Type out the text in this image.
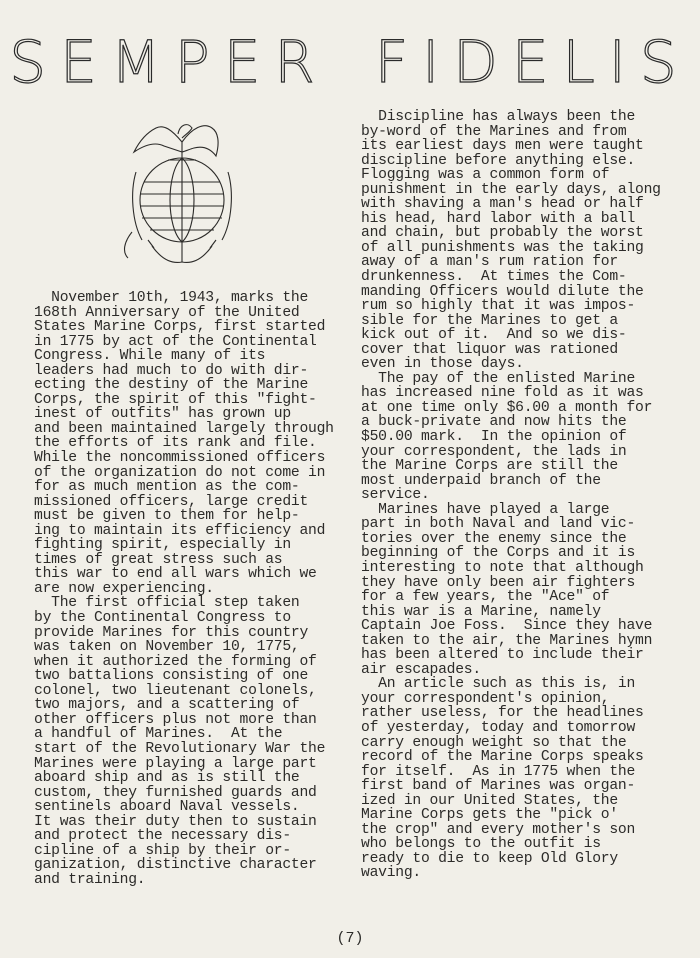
SEMPER FIDELIS
November 10th, 1943, marks the
168th Anniversary of the United
States Marine Corps, first started
in 1775 by act of the Continental
Congress. While many of its
leaders had much to do with dir-
ecting the destiny of the Marine
Corps, the spirit of this "fight-
inest of outfits" has grown up
and been maintained largely through
the efforts of its rank and file.
While the noncommissioned officers
of the organization do not come in
for as much mention as the com-
missioned officers, large credit
must be given to them for help-
ing to maintain its efficiency and
fighting spirit, especially in
times of great stress such as
this war to end all wars which we
are now experiencing.
The first official step taken
by the Continental Congress to
provide Marines for this country
was taken on November 10, 1775,
when it authorized the forming of
two battalions consisting of one
colonel, two lieutenant colonels,
two majors, and a scattering of
other officers plus not more than
a handful of Marines.  At the
start of the Revolutionary War the
Marines were playing a large part
aboard ship and as is still the
custom, they furnished guards and
sentinels aboard Naval vessels.
It was their duty then to sustain
and protect the necessary dis-
cipline of a ship by their or-
ganization, distinctive character
and training.
Discipline has always been the
by-word of the Marines and from
its earliest days men were taught
discipline before anything else.
Flogging was a common form of
punishment in the early days, along
with shaving a man's head or half
his head, hard labor with a ball
and chain, but probably the worst
of all punishments was the taking
away of a man's rum ration for
drunkenness.  At times the Com-
manding Officers would dilute the
rum so highly that it was impos-
sible for the Marines to get a
kick out of it.  And so we dis-
cover that liquor was rationed
even in those days.
The pay of the enlisted Marine
has increased nine fold as it was
at one time only $6.00 a month for
a buck-private and now hits the
$50.00 mark.  In the opinion of
your correspondent, the lads in
the Marine Corps are still the
most underpaid branch of the
service.
Marines have played a large
part in both Naval and land vic-
tories over the enemy since the
beginning of the Corps and it is
interesting to note that although
they have only been air fighters
for a few years, the "Ace" of
this war is a Marine, namely
Captain Joe Foss.  Since they have
taken to the air, the Marines hymn
has been altered to include their
air escapades.
An article such as this is, in
your correspondent's opinion,
rather useless, for the headlines
of yesterday, today and tomorrow
carry enough weight so that the
record of the Marine Corps speaks
for itself.  As in 1775 when the
first band of Marines was organ-
ized in our United States, the
Marine Corps gets the "pick o'
the crop" and every mother's son
who belongs to the outfit is
ready to die to keep Old Glory
waving.
(7)
